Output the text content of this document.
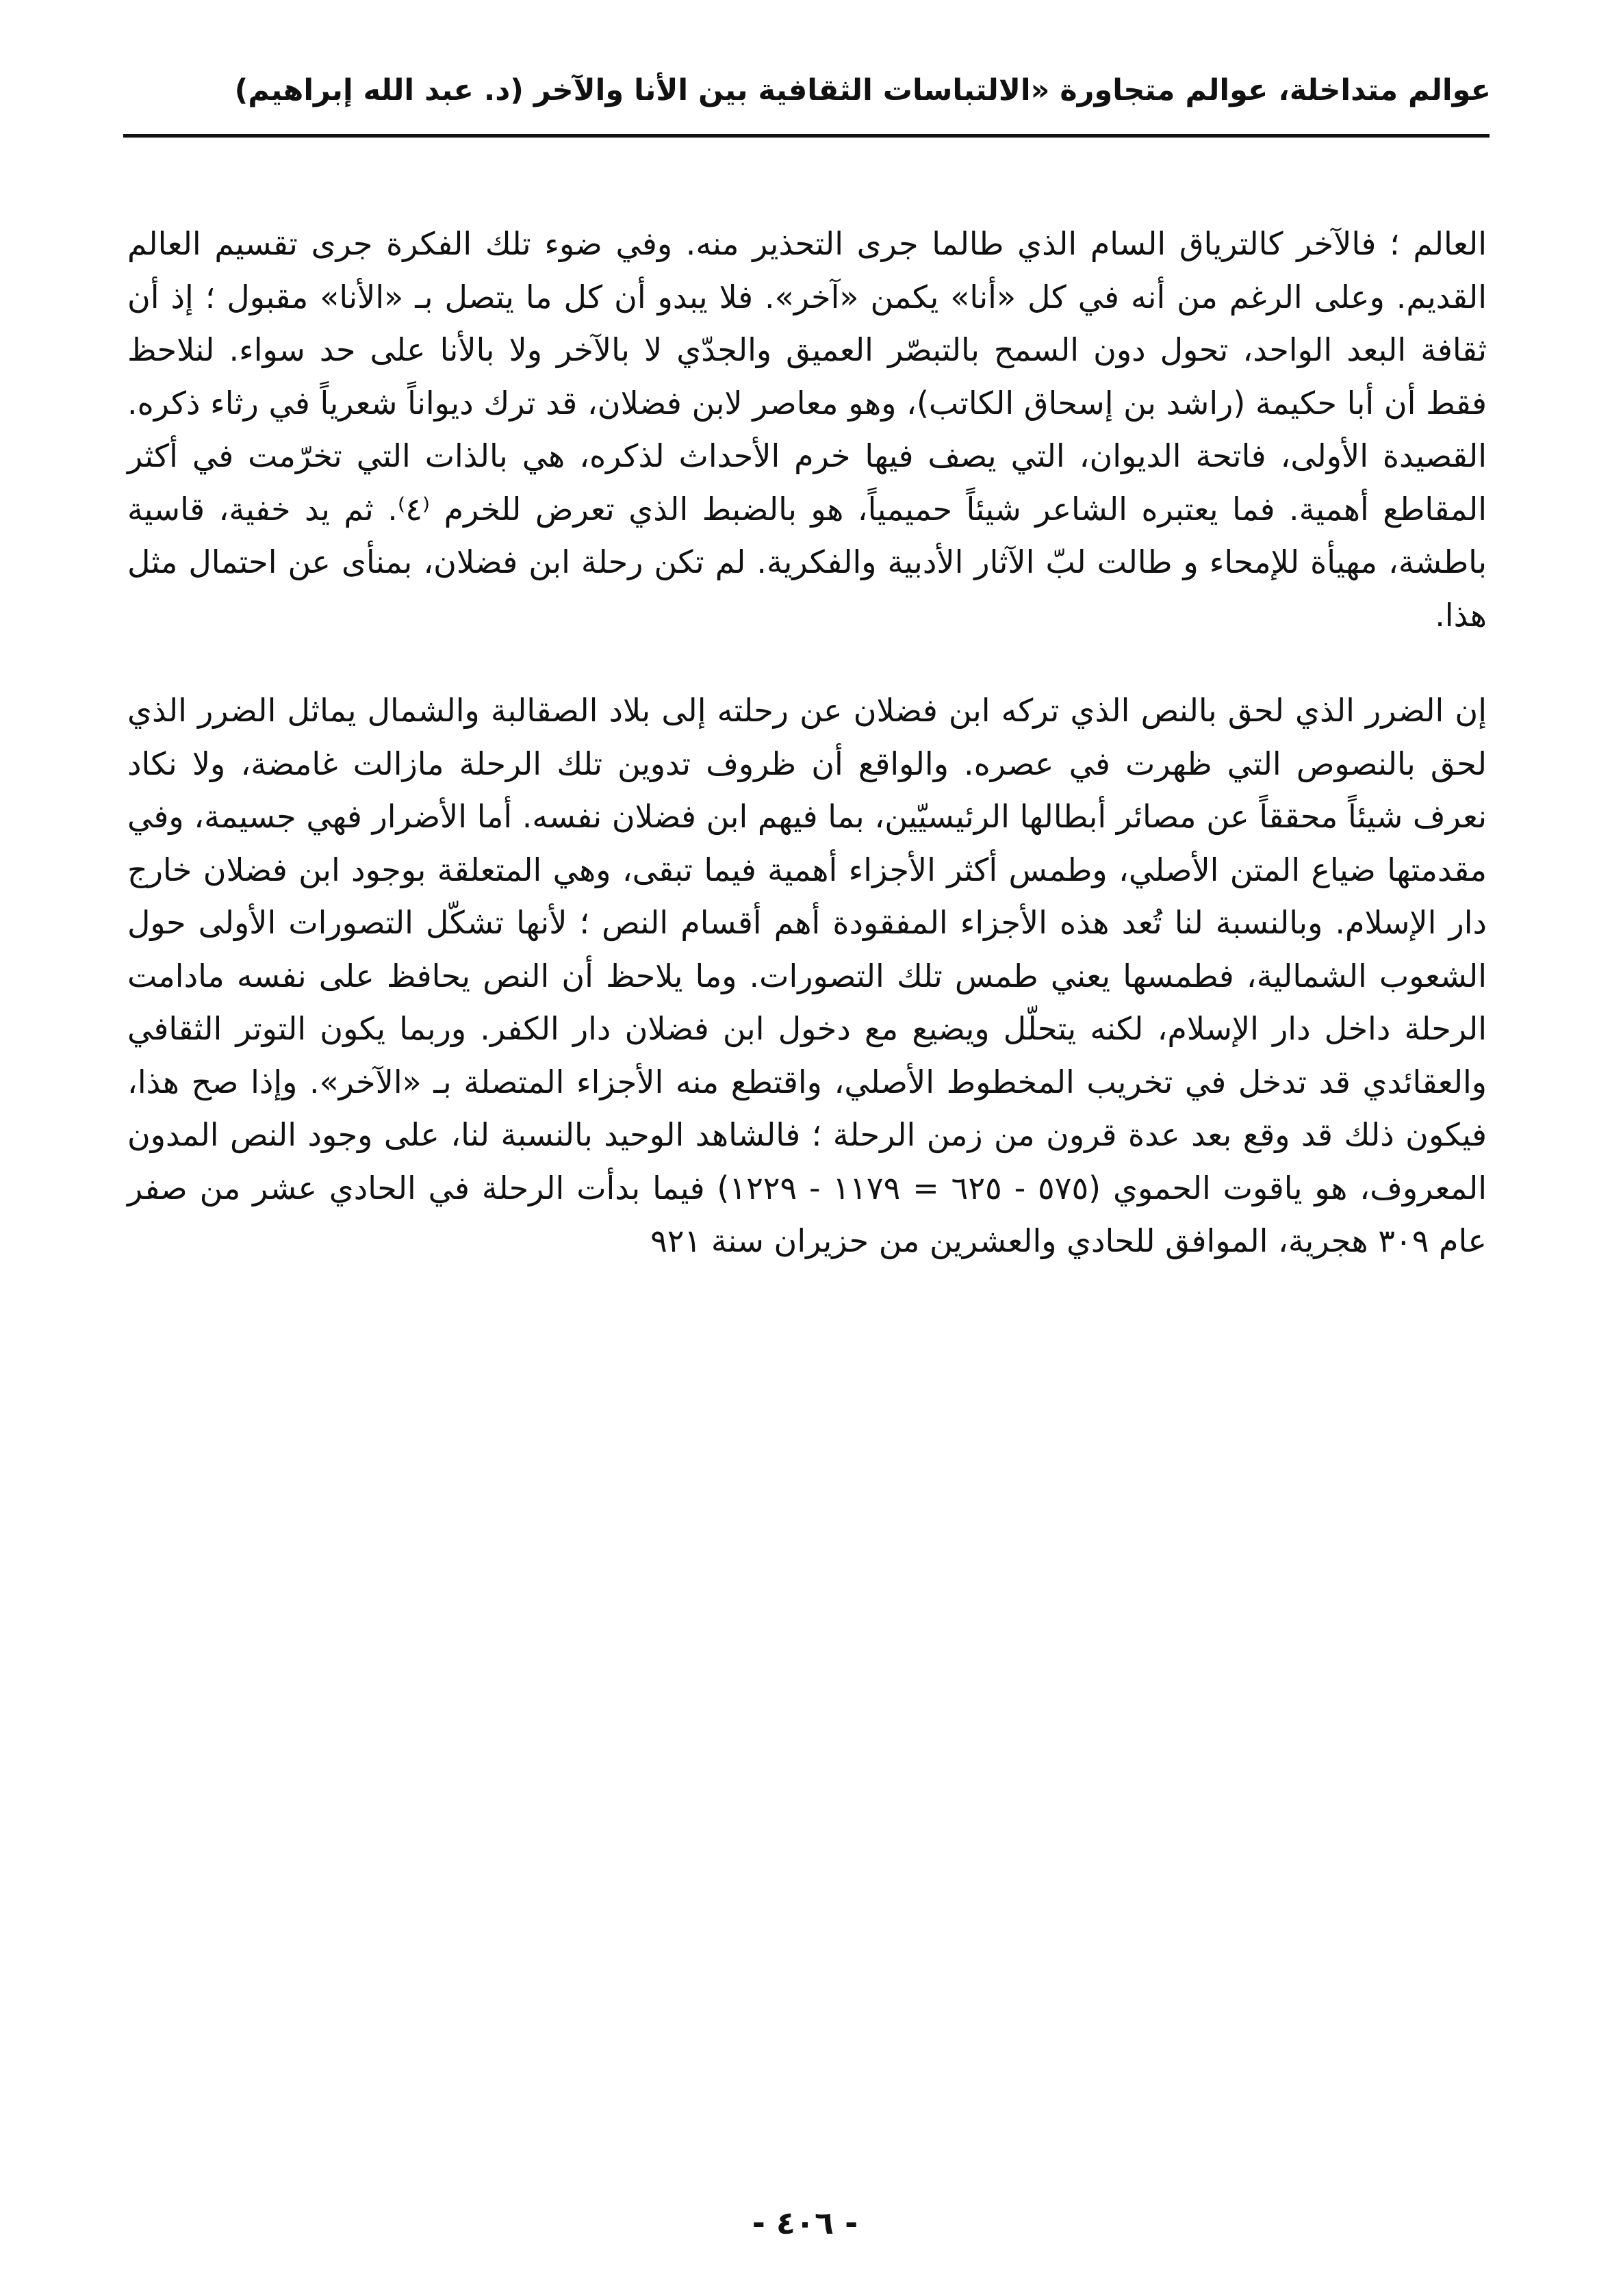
عوالم متداخلة، عوالم متجاورة «الالتباسات الثقافية بين الأنا والآخر (د. عبد الله إبراهيم)

العالم ؛ فالآخر كالترياق السام الذي طالما جرى التحذير منه. وفي ضوء تلك الفكرة جرى تقسيم العالم القديم. وعلى الرغم من أنه في كل «أنا» يكمن «آخر». فلا يبدو أن كل ما يتصل بـ «الأنا» مقبول ؛ إذ أن ثقافة البعد الواحد، تحول دون السمح بالتبصّر العميق والجدّي لا بالآخر ولا بالأنا على حد سواء. لنلاحظ فقط أن أبا حكيمة (راشد بن إسحاق الكاتب)، وهو معاصر لابن فضلان، قد ترك ديواناً شعرياً في رثاء ذكره. القصيدة الأولى، فاتحة الديوان، التي يصف فيها خرم الأحداث لذكره، هي بالذات التي تخرّمت في أكثر المقاطع أهمية. فما يعتبره الشاعر شيئاً حميمياً، هو بالضبط الذي تعرض للخرم ⁽٤⁾. ثم يد خفية، قاسية باطشة، مهيأة للإمحاء و طالت لبّ الآثار الأدبية والفكرية. لم تكن رحلة ابن فضلان، بمنأى عن احتمال مثل هذا.

إن الضرر الذي لحق بالنص الذي تركه ابن فضلان عن رحلته إلى بلاد الصقالبة والشمال يماثل الضرر الذي لحق بالنصوص التي ظهرت في عصره. والواقع أن ظروف تدوين تلك الرحلة مازالت غامضة، ولا نكاد نعرف شيئاً محققاً عن مصائر أبطالها الرئيسيّين، بما فيهم ابن فضلان نفسه. أما الأضرار فهي جسيمة، وفي مقدمتها ضياع المتن الأصلي، وطمس أكثر الأجزاء أهمية فيما تبقى، وهي المتعلقة بوجود ابن فضلان خارج دار الإسلام. وبالنسبة لنا تُعد هذه الأجزاء المفقودة أهم أقسام النص ؛ لأنها تشكّل التصورات الأولى حول الشعوب الشمالية، فطمسها يعني طمس تلك التصورات. وما يلاحظ أن النص يحافظ على نفسه مادامت الرحلة داخل دار الإسلام، لكنه يتحلّل ويضيع مع دخول ابن فضلان دار الكفر. وربما يكون التوتر الثقافي والعقائدي قد تدخل في تخريب المخطوط الأصلي، واقتطع منه الأجزاء المتصلة بـ «الآخر». وإذا صح هذا، فيكون ذلك قد وقع بعد عدة قرون من زمن الرحلة ؛ فالشاهد الوحيد بالنسبة لنا، على وجود النص المدون المعروف، هو ياقوت الحموي (٥٧٥ - ٦٢٥ = ١١٧٩ - ١٢٢٩) فيما بدأت الرحلة في الحادي عشر من صفر عام ٣٠٩ هجرية، الموافق للحادي والعشرين من حزيران سنة ٩٢١

- ٤٠٦ -
